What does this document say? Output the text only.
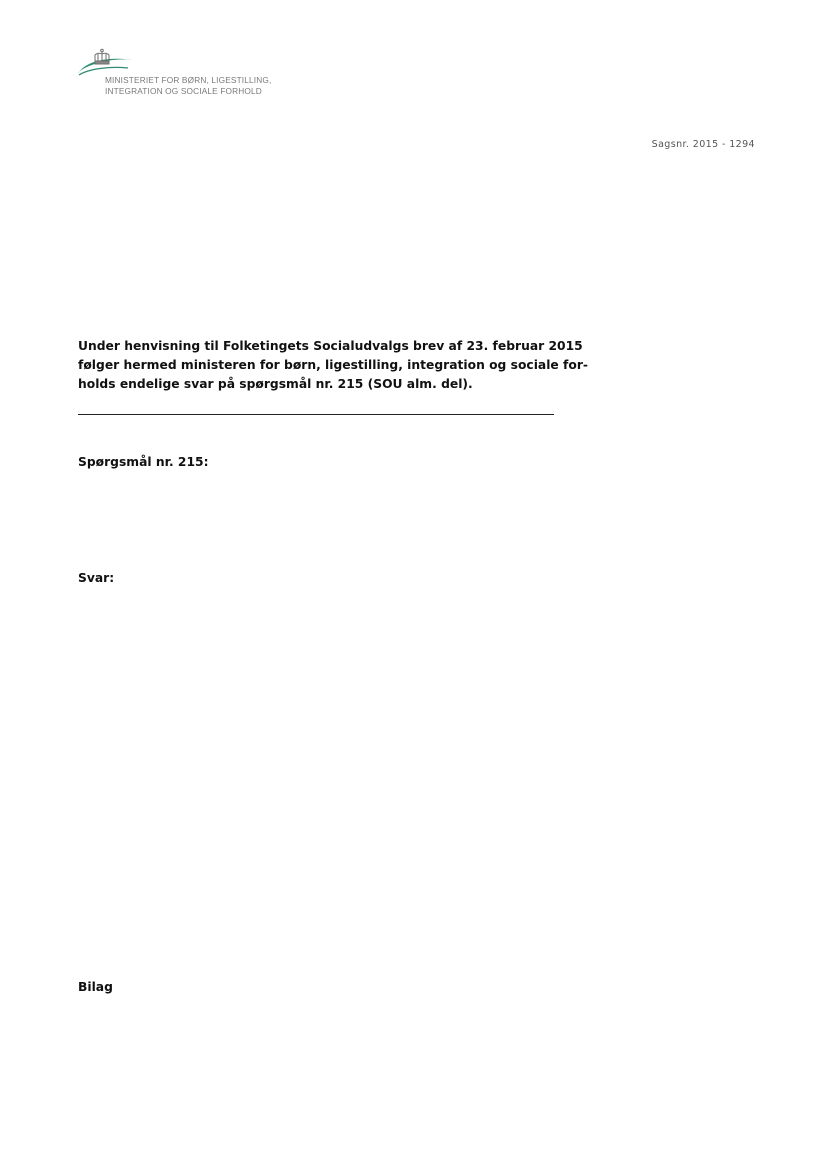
MINISTERIET FOR BØRN, LIGESTILLING,
INTEGRATION OG SOCIALE FORHOLD
Sagsnr. 2015 - 1294
Under henvisning til Folketingets Socialudvalgs brev af 23. februar 2015
følger hermed ministeren for børn, ligestilling, integration og sociale for-
holds endelige svar på spørgsmål nr. 215 (SOU alm. del).
Spørgsmål nr. 215:
Svar:
Bilag
